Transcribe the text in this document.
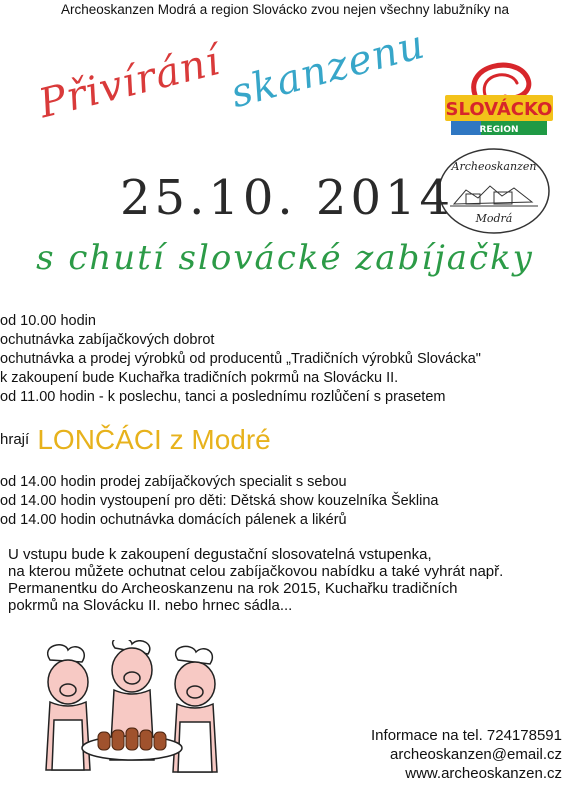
Archeoskanzen Modrá a region Slovácko zvou nejen všechny labužníky na
Přivírání skanzenu SLOVÁCKO
REGION
Archeoskanzen
Modrá
25.10. 2014
s chutí slovácké zabíjačky
od 10.00 hodin
ochutnávka zabíjačkových dobrot
ochutnávka a prodej výrobků od producentů „Tradičních výrobků Slovácka"
k zakoupení bude Kuchařka tradičních pokrmů na Slovácku II.
od 11.00 hodin - k poslechu, tanci a poslednímu rozlůčení s prasetem
hrají LONČÁCI z Modré
od 14.00 hodin prodej zabíjačkových specialit s sebou
od 14.00 hodin vystoupení pro děti: Dětská show kouzelníka Šeklina
od 14.00 hodin ochutnávka domácích pálenek a likérů
U vstupu bude k zakoupení degustační slosovatelná vstupenka,
na kterou můžete ochutnat celou zabíjačkovou nabídku a také vyhrát např.
Permanentku do Archeoskanzenu na rok 2015, Kuchařku tradičních
pokrmů na Slovácku II. nebo hrnec sádla...
Informace na tel. 724178591
archeoskanzen@email.cz
www.archeoskanzen.cz
